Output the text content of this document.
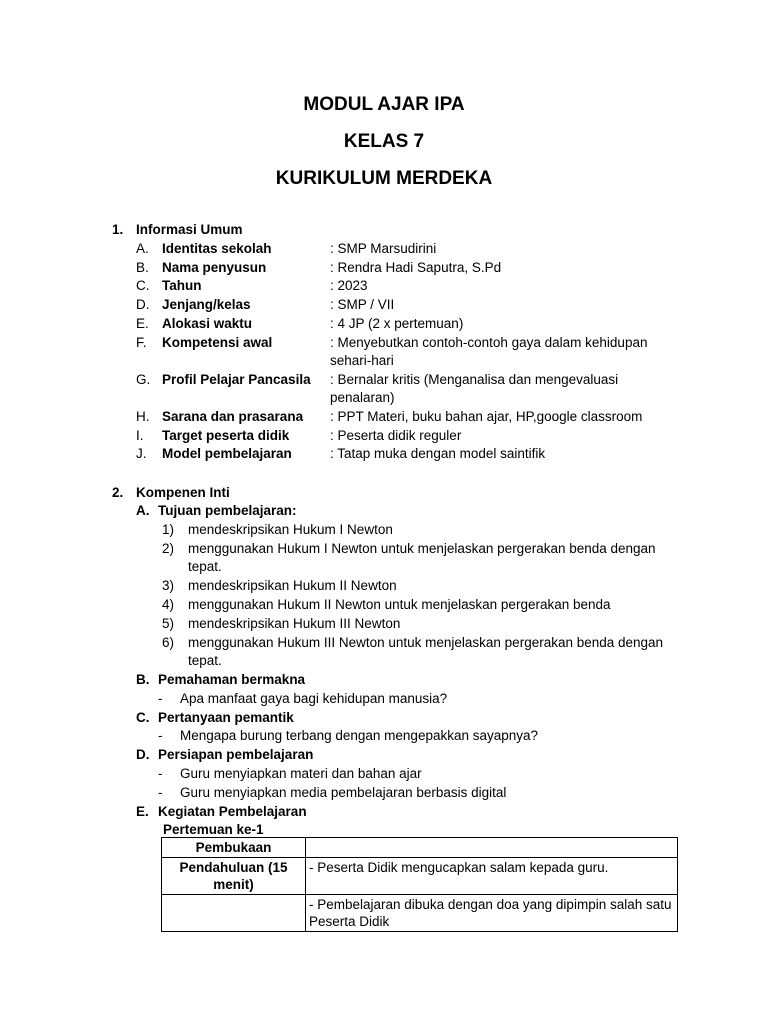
MODUL AJAR IPA
KELAS 7
KURIKULUM MERDEKA
1. Informasi Umum
A. Identitas sekolah	: SMP Marsudirini
B. Nama penyusun	: Rendra Hadi Saputra, S.Pd
C. Tahun	: 2023
D. Jenjang/kelas	: SMP / VII
E. Alokasi waktu	: 4 JP (2 x pertemuan)
F. Kompetensi awal	: Menyebutkan contoh-contoh gaya dalam kehidupan
sehari-hari
G. Profil Pelajar Pancasila : Bernalar kritis (Menganalisa dan mengevaluasi
penalaran)
H. Sarana dan prasarana : PPT Materi, buku bahan ajar, HP,google classroom
I. Target peserta didik	: Peserta didik reguler
J. Model pembelajaran	: Tatap muka dengan model saintifik
2. Kompenen Inti
A. Tujuan pembelajaran:
1) mendeskripsikan Hukum I Newton
2) menggunakan Hukum I Newton untuk menjelaskan pergerakan benda dengan
tepat.
3) mendeskripsikan Hukum II Newton
4) menggunakan Hukum II Newton untuk menjelaskan pergerakan benda
5) mendeskripsikan Hukum III Newton
6) menggunakan Hukum III Newton untuk menjelaskan pergerakan benda dengan
tepat.
B. Pemahaman bermakna
- Apa manfaat gaya bagi kehidupan manusia?
C. Pertanyaan pemantik
- Mengapa burung terbang dengan mengepakkan sayapnya?
D. Persiapan pembelajaran
- Guru menyiapkan materi dan bahan ajar
- Guru menyiapkan media pembelajaran berbasis digital
E. Kegiatan Pembelajaran
Pertemuan ke-1
Pembukaan	
Pendahuluan (15 menit)	- Peserta Didik mengucapkan salam kepada guru.
	- Pembelajaran dibuka dengan doa yang dipimpin salah satu Peserta Didik
